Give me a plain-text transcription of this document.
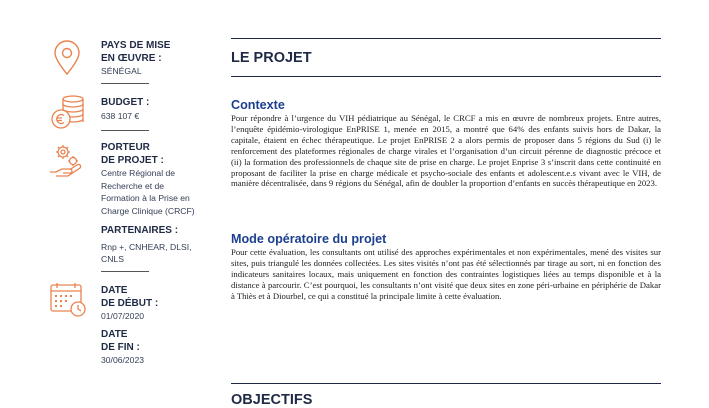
PAYS DE MISE
EN ŒUVRE :
SÉNÉGAL
BUDGET :
638 107 €
PORTEUR
DE PROJET :
Centre Régional de
Recherche et de
Formation à la Prise en
Charge Clinique (CRCF)
PARTENAIRES :
Rnp +, CNHEAR, DLSI,
CNLS
DATE
DE DÉBUT :
01/07/2020
DATE
DE FIN :
30/06/2023
LE PROJET
Contexte
Pour répondre à l’urgence du VIH pédiatrique au Sénégal, le CRCF a mis en œuvre de nombreux projets. Entre autres, l’enquête épidémio-virologique EnPRISE 1, menée en 2015, a montré que 64% des enfants suivis hors de Dakar, la capitale, étaient en échec thérapeutique. Le projet EnPRISE 2 a alors permis de proposer dans 5 régions du Sud (i) le renforcement des plateformes régionales de charge virales et l’organisation d’un circuit pérenne de diagnostic précoce et (ii) la formation des professionnels de chaque site de prise en charge. Le projet Enprise 3 s’inscrit dans cette continuité en proposant de faciliter la prise en charge médicale et psycho-sociale des enfants et adolescent.e.s vivant avec le VIH, de manière décentralisée, dans 9 régions du Sénégal, afin de doubler la proportion d’enfants en succès thérapeutique en 2023.
Mode opératoire du projet
Pour cette évaluation, les consultants ont utilisé des approches expérimentales et non expérimentales, mené des visites sur sites, puis triangulé les données collectées. Les sites visités n’ont pas été sélectionnés par tirage au sort, ni en fonction des indicateurs sanitaires locaux, mais uniquement en fonction des contraintes logistiques liées au temps disponible et à la distance à parcourir. C’est pourquoi, les consultants n’ont visité que deux sites en zone péri-urbaine en périphérie de Dakar à Thiès et à Diourbel, ce qui a constitué la principale limite à cette évaluation.
OBJECTIFS
